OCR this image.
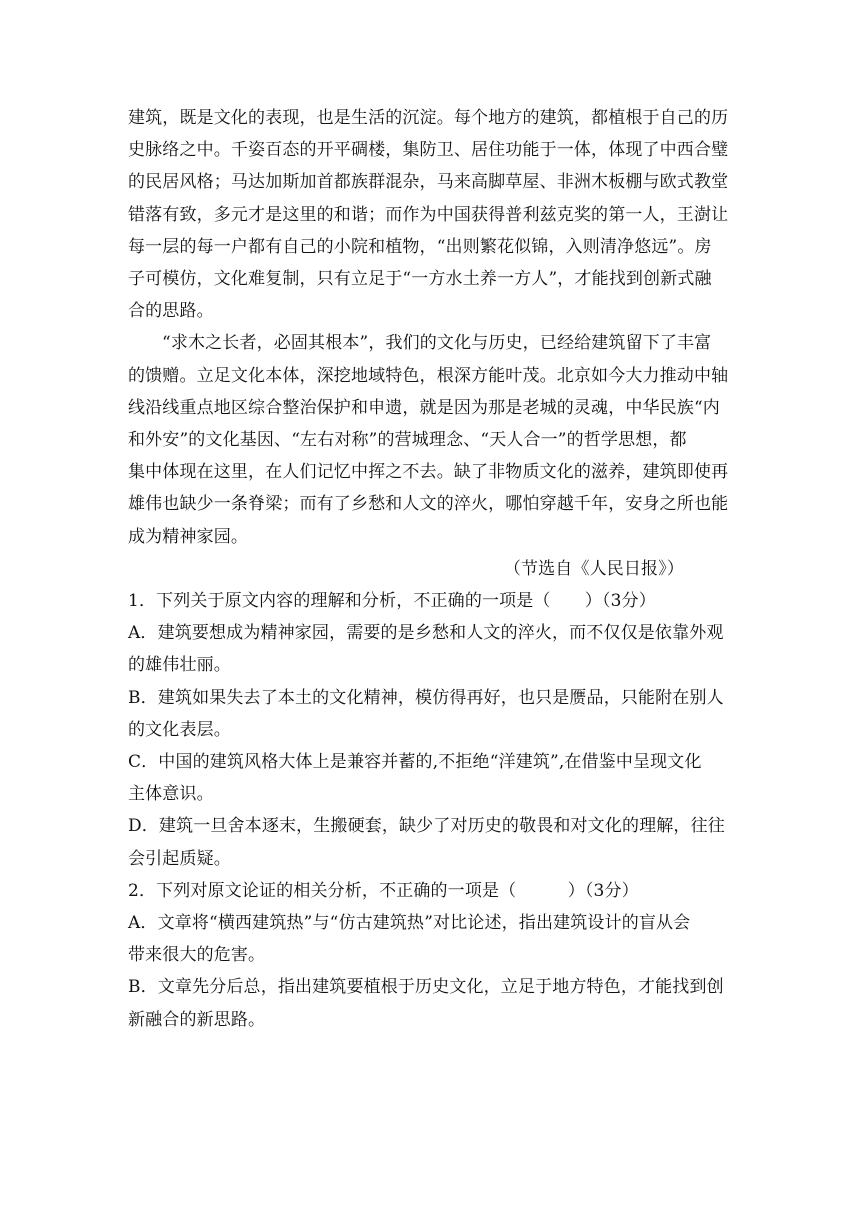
建筑，既是文化的表现，也是生活的沉淀。每个地方的建筑，都植根于自己的历
史脉络之中。千姿百态的开平碉楼，集防卫、居住功能于一体，体现了中西合璧
的民居风格；马达加斯加首都族群混杂，马来高脚草屋、非洲木板棚与欧式教堂
错落有致，多元才是这里的和谐；而作为中国获得普利兹克奖的第一人，王澍让
每一层的每一户都有自己的小院和植物，“出则繁花似锦，入则清净悠远”。房
子可模仿，文化难复制，只有立足于“一方水土养一方人”，才能找到创新式融
合的思路。
“求木之长者，必固其根本”，我们的文化与历史，已经给建筑留下了丰富
的馈赠。立足文化本体，深挖地域特色，根深方能叶茂。北京如今大力推动中轴
线沿线重点地区综合整治保护和申遗，就是因为那是老城的灵魂，中华民族“内
和外安”的文化基因、“左右对称”的营城理念、“天人合一”的哲学思想，都
集中体现在这里，在人们记忆中挥之不去。缺了非物质文化的滋养，建筑即使再
雄伟也缺少一条脊梁；而有了乡愁和人文的淬火，哪怕穿越千年，安身之所也能
成为精神家园。
（节选自《人民日报》）
1．下列关于原文内容的理解和分析，不正确的一项是（　　）（3分）
A．建筑要想成为精神家园，需要的是乡愁和人文的淬火，而不仅仅是依靠外观
的雄伟壮丽。
B．建筑如果失去了本土的文化精神，模仿得再好，也只是赝品，只能附在别人
的文化表层。
C．中国的建筑风格大体上是兼容并蓄的,不拒绝“洋建筑”,在借鉴中呈现文化
主体意识。
D．建筑一旦舍本逐末，生搬硬套，缺少了对历史的敬畏和对文化的理解，往往
会引起质疑。
2．下列对原文论证的相关分析，不正确的一项是（　　　）（3分）
A．文章将“横西建筑热”与“仿古建筑热”对比论述，指出建筑设计的盲从会
带来很大的危害。
B．文章先分后总，指出建筑要植根于历史文化，立足于地方特色，才能找到创
新融合的新思路。
